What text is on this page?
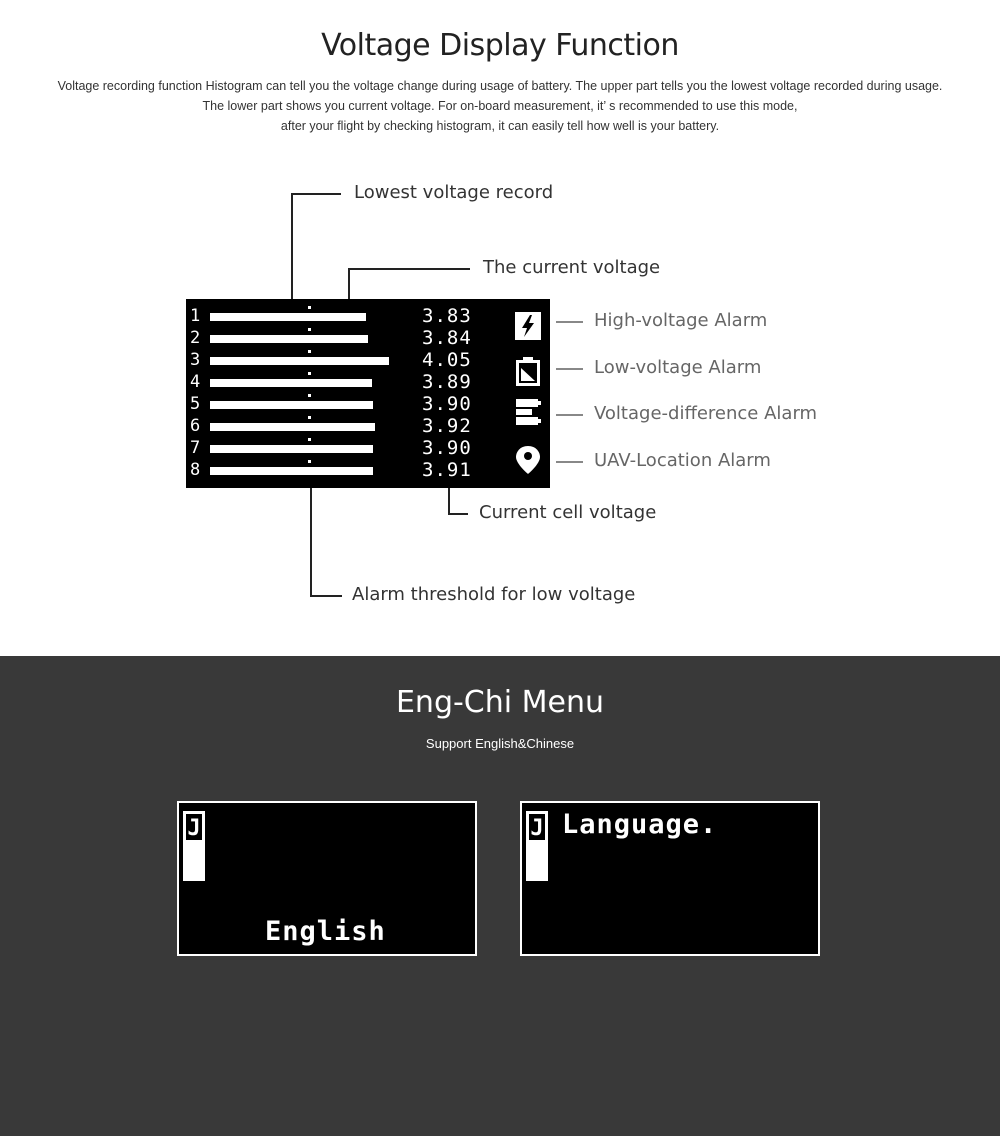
Voltage Display Function
Voltage recording function Histogram can tell you the voltage change during usage of battery. The upper part tells you the lowest voltage recorded during usage.
The lower part shows you current voltage. For on-board measurement, it’ s recommended to use this mode,
after your flight by checking histogram, it can easily tell how well is your battery.
Lowest voltage record
The current voltage
High-voltage Alarm
Low-voltage Alarm
Voltage-difference Alarm
UAV-Location Alarm
Current cell voltage
Alarm threshold for low voltage
1	3.83
2	3.84
3	4.05
4	3.89
5	3.90
6	3.92
7	3.90
8	3.91
Eng-Chi Menu
Support English&Chinese
J
English
J Language.
